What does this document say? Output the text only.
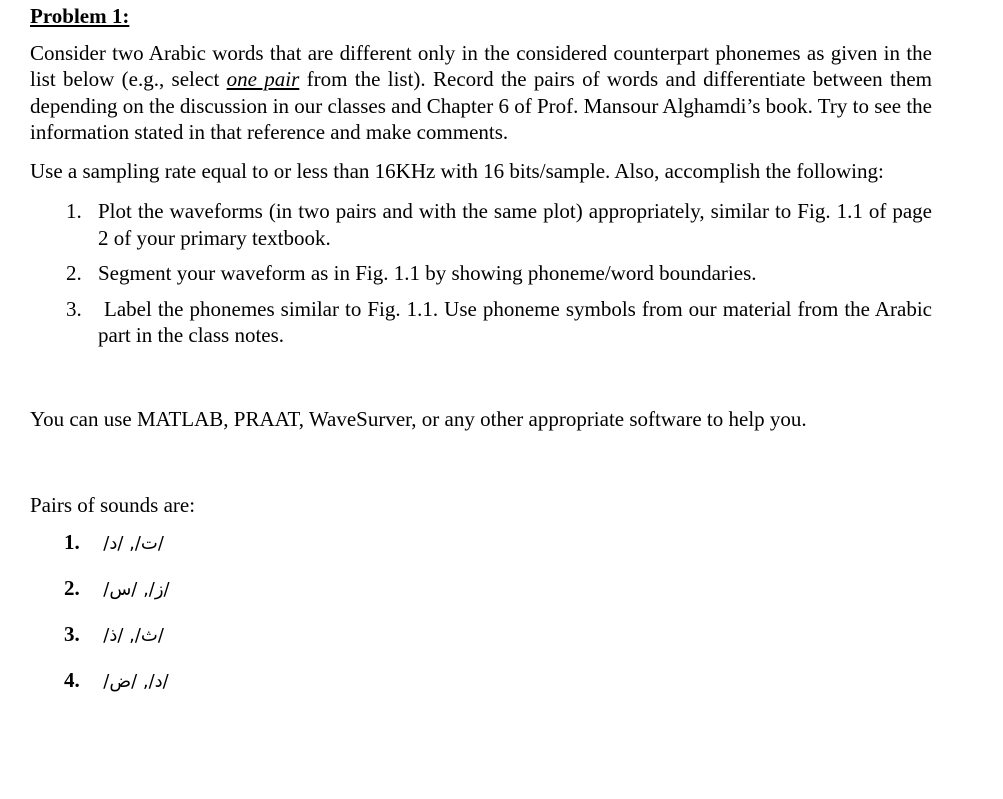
Problem 1:

Consider two Arabic words that are different only in the considered counterpart phonemes as given in the list below (e.g., select one pair from the list). Record the pairs of words and differentiate between them depending on the discussion in our classes and Chapter 6 of Prof. Mansour Alghamdi’s book. Try to see the information stated in that reference and make comments.

Use a sampling rate equal to or less than 16KHz with 16 bits/sample. Also, accomplish the following:

1. Plot the waveforms (in two pairs and with the same plot) appropriately, similar to Fig. 1.1 of page 2 of your primary textbook.
2. Segment your waveform as in Fig. 1.1 by showing phoneme/word boundaries.
3. Label the phonemes similar to Fig. 1.1. Use phoneme symbols from our material from the Arabic part in the class notes.

You can use MATLAB, PRAAT, WaveSurver, or any other appropriate software to help you.

Pairs of sounds are:

1. /ت/, /د/
2. /ز/, /س/
3. /ث/, /ذ/
4. /د/, /ض/
